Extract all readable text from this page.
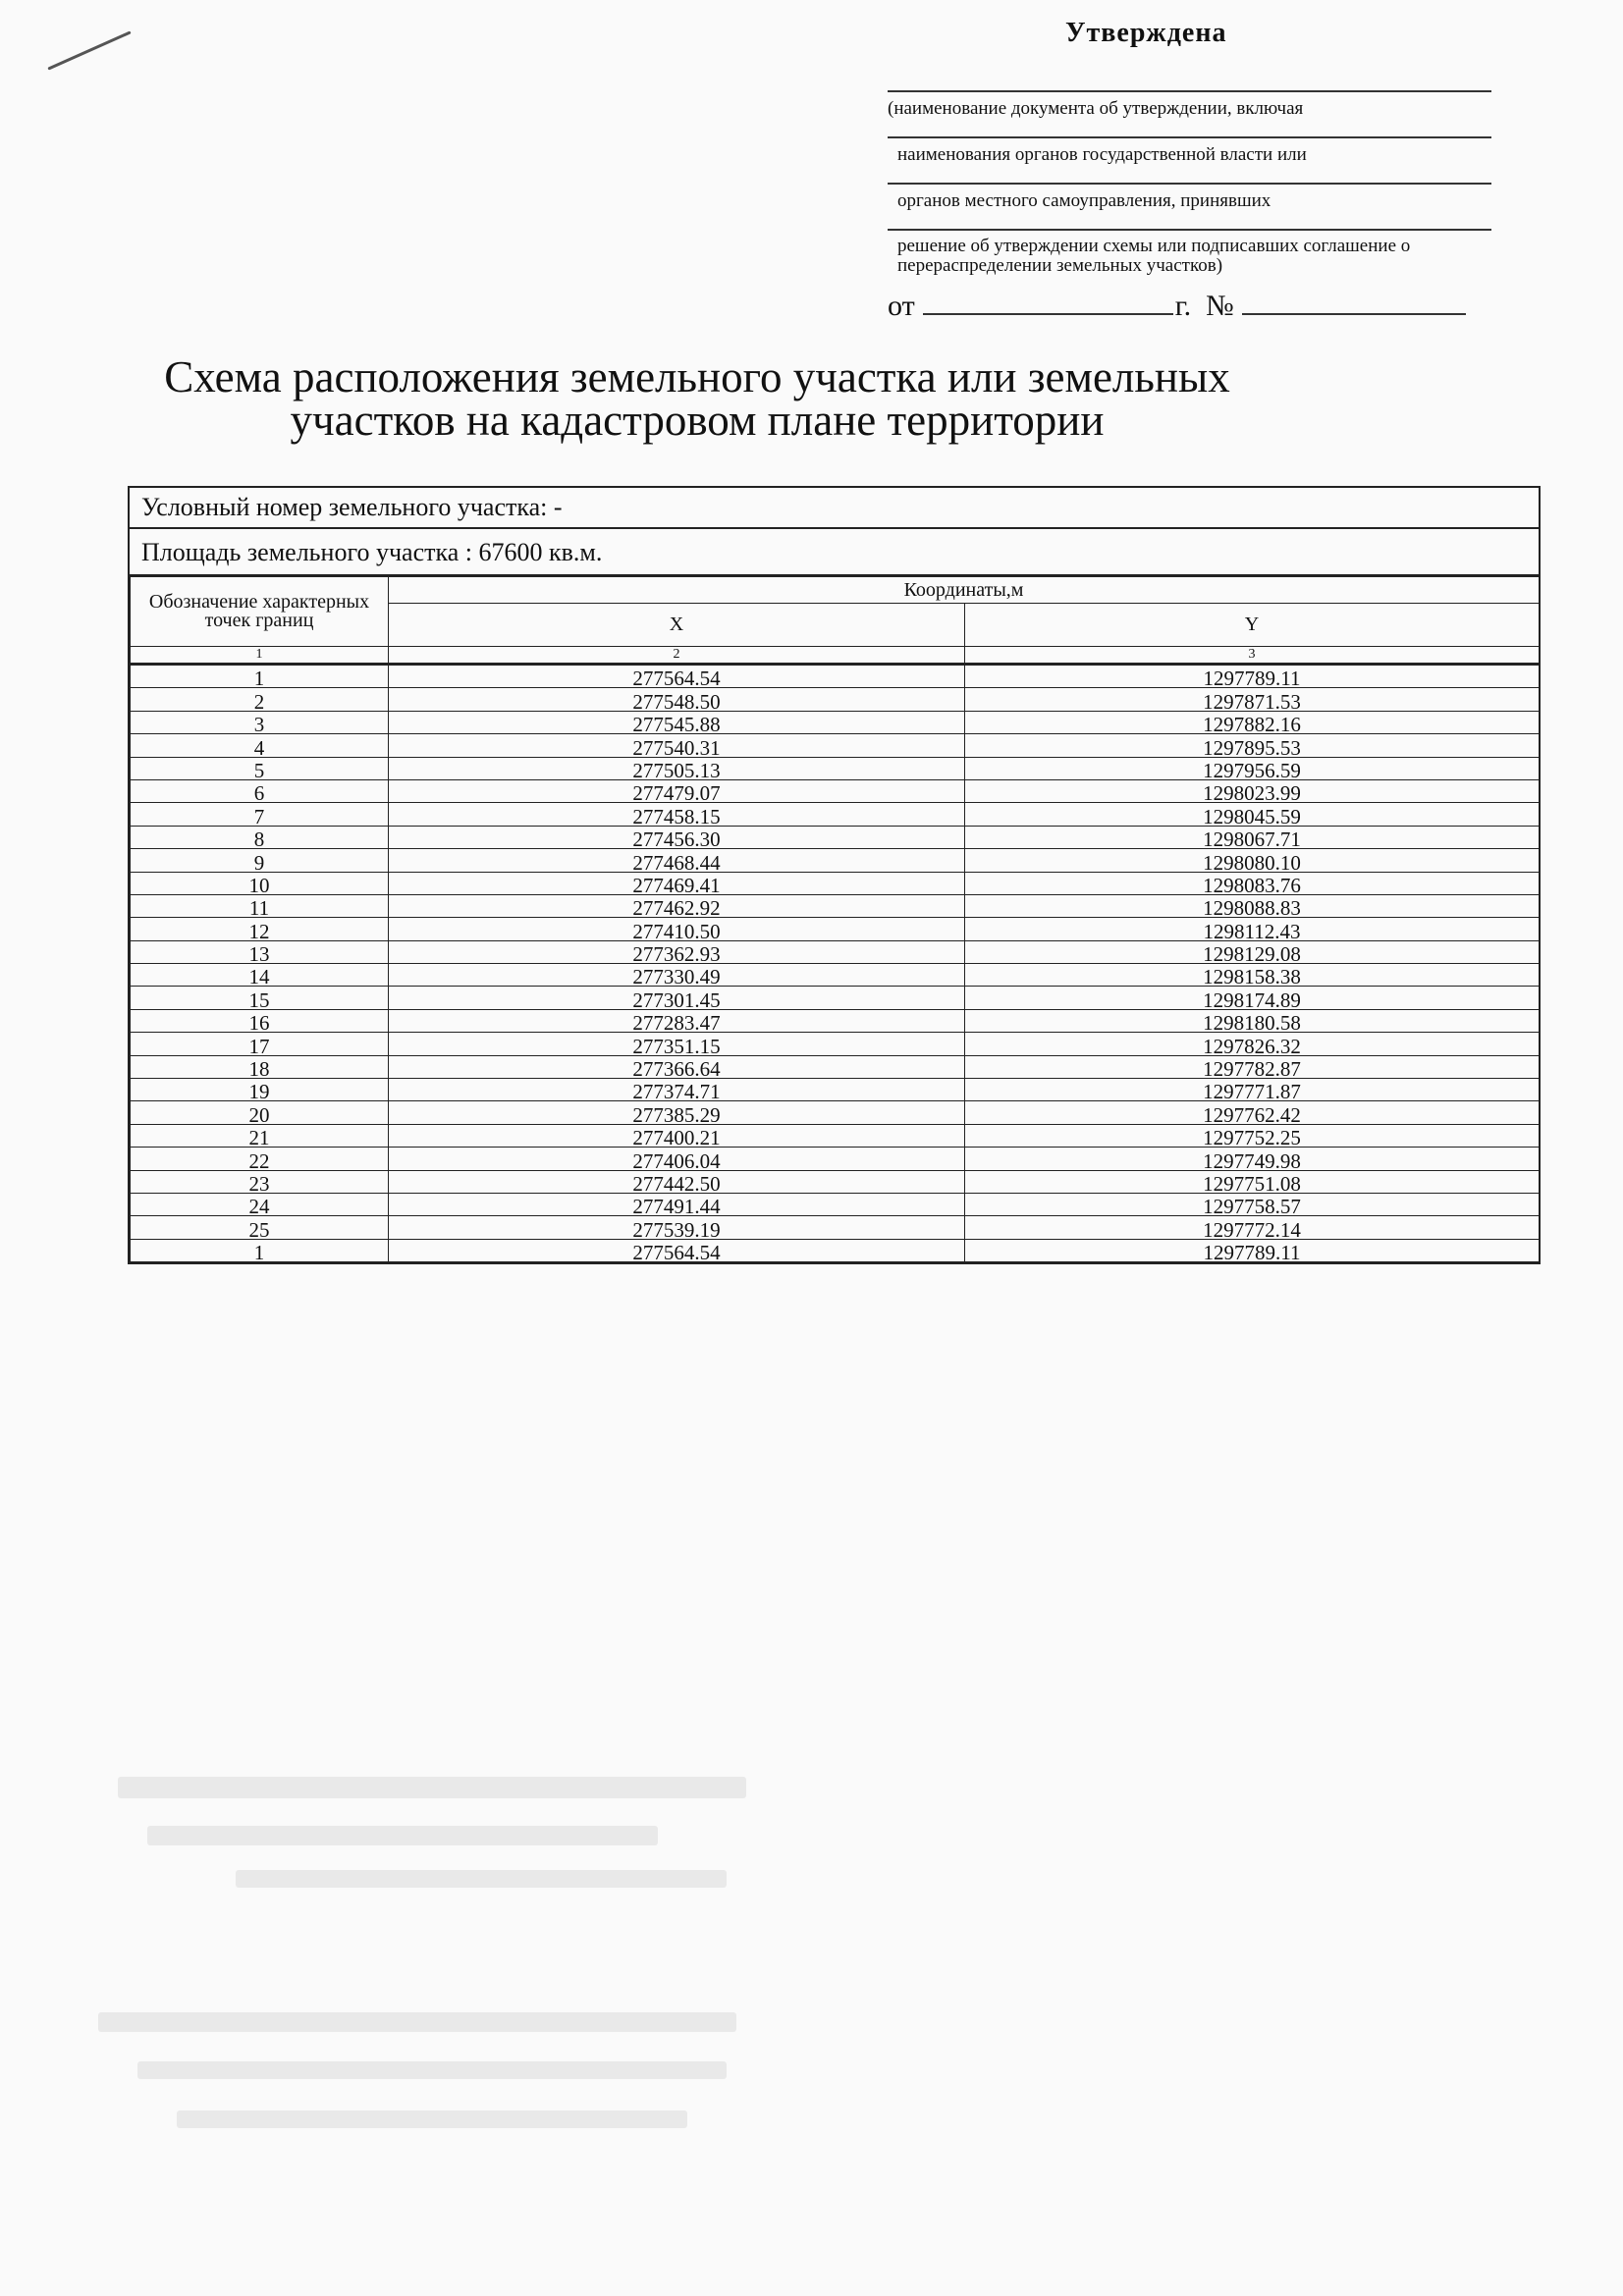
Утверждена
(наименование документа об утверждении, включая
наименования органов государственной власти или
органов местного самоуправления, принявших
решение об утверждении схемы или подписавших соглашение о перераспределении земельных участков)
от	г. №
Схема расположения земельного участка или земельных участков на кадастровом плане территории
Условный номер земельного участка: -
Площадь земельного участка : 67600 кв.м.
Обозначение характерных точек границ	Координаты,м	
	X	Y
1	2	3
1	277564.54	1297789.11
2	277548.50	1297871.53
3	277545.88	1297882.16
4	277540.31	1297895.53
5	277505.13	1297956.59
6	277479.07	1298023.99
7	277458.15	1298045.59
8	277456.30	1298067.71
9	277468.44	1298080.10
10	277469.41	1298083.76
11	277462.92	1298088.83
12	277410.50	1298112.43
13	277362.93	1298129.08
14	277330.49	1298158.38
15	277301.45	1298174.89
16	277283.47	1298180.58
17	277351.15	1297826.32
18	277366.64	1297782.87
19	277374.71	1297771.87
20	277385.29	1297762.42
21	277400.21	1297752.25
22	277406.04	1297749.98
23	277442.50	1297751.08
24	277491.44	1297758.57
25	277539.19	1297772.14
1	277564.54	1297789.11
